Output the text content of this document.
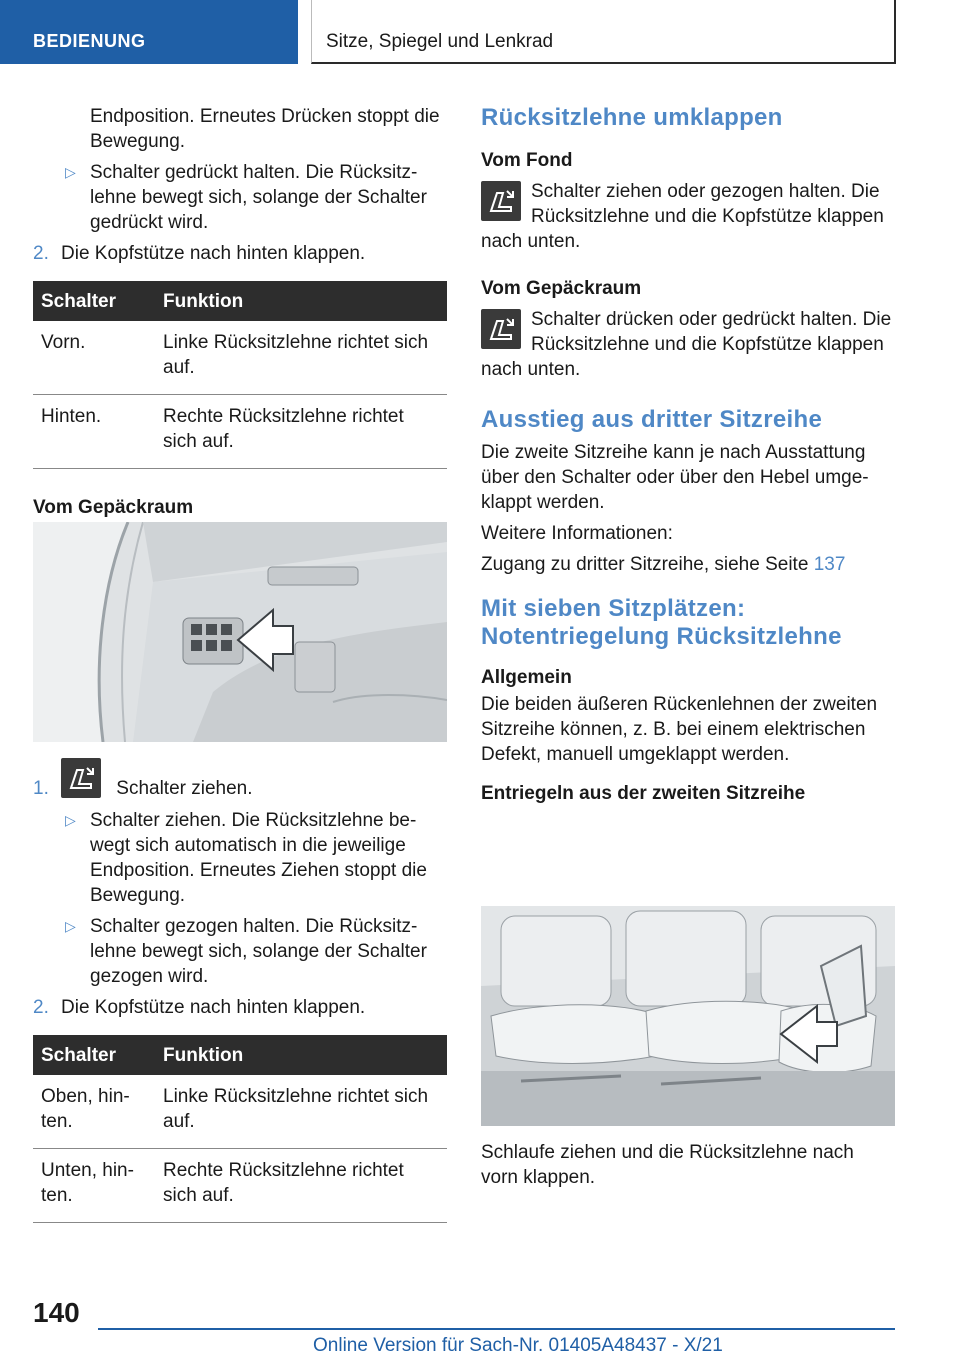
BEDIENUNG	Sitze, Spiegel und Lenkrad
Endposition. Erneutes Drücken stoppt die Bewegung.
▷ Schalter gedrückt halten. Die Rücksitz-lehne bewegt sich, solange der Schalter gedrückt wird.
2. Die Kopfstütze nach hinten klappen.
Schalter	Funktion
Vorn.	Linke Rücksitzlehne richtet sich auf.
Hinten.	Rechte Rücksitzlehne richtet sich auf.
Vom Gepäckraum
1.	Schalter ziehen.
▷ Schalter ziehen. Die Rücksitzlehne be-wegt sich automatisch in die jeweilige Endposition. Erneutes Ziehen stoppt die Bewegung.
▷ Schalter gezogen halten. Die Rücksitz-lehne bewegt sich, solange der Schalter gezogen wird.
2. Die Kopfstütze nach hinten klappen.
Schalter	Funktion
Oben, hin-ten.	Linke Rücksitzlehne richtet sich auf.
Unten, hin-ten.	Rechte Rücksitzlehne richtet sich auf.
Rücksitzlehne umklappen
Vom Fond
Schalter ziehen oder gezogen halten. Die Rücksitzlehne und die Kopfstütze klappen nach unten.
Vom Gepäckraum
Schalter drücken oder gedrückt halten. Die Rücksitzlehne und die Kopfstütze klappen nach unten.
Ausstieg aus dritter Sitzreihe
Die zweite Sitzreihe kann je nach Ausstattung über den Schalter oder über den Hebel umge-klappt werden.
Weitere Informationen:
Zugang zu dritter Sitzreihe, siehe Seite 137
Mit sieben Sitzplätzen:
Notentriegelung Rücksitzlehne
Allgemein
Die beiden äußeren Rückenlehnen der zweiten Sitzreihe können, z. B. bei einem elektrischen Defekt, manuell umgeklappt werden.
Entriegeln aus der zweiten Sitzreihe
Schlaufe ziehen und die Rücksitzlehne nach vorn klappen.
140
Online Version für Sach-Nr. 01405A48437 - X/21
